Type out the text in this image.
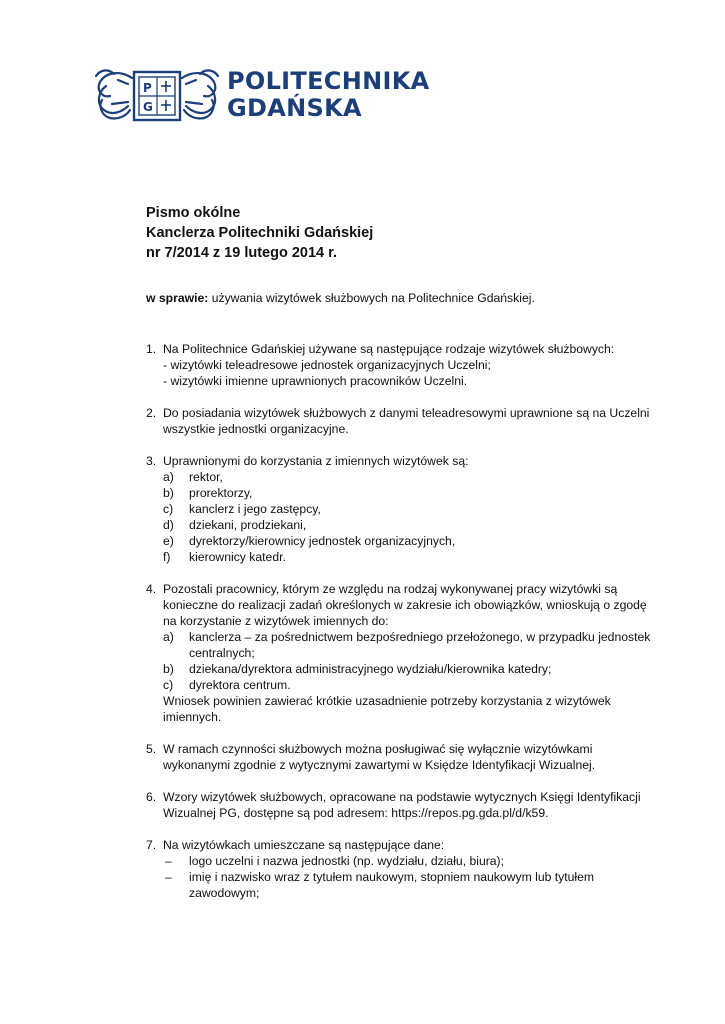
P
G
POLITECHNIKA
GDAŃSKA
Pismo okólne
Kanclerza Politechniki Gdańskiej
nr 7/2014 z 19 lutego 2014 r.
w sprawie: używania wizytówek służbowych na Politechnice Gdańskiej.
1. Na Politechnice Gdańskiej używane są następujące rodzaje wizytówek służbowych:
- wizytówki teleadresowe jednostek organizacyjnych Uczelni;
- wizytówki imienne uprawnionych pracowników Uczelni.
2. Do posiadania wizytówek służbowych z danymi teleadresowymi uprawnione są na Uczelni
wszystkie jednostki organizacyjne.
3. Uprawnionymi do korzystania z imiennych wizytówek są:
a) rektor,
b) prorektorzy,
c) kanclerz i jego zastępcy,
d) dziekani, prodziekani,
e) dyrektorzy/kierownicy jednostek organizacyjnych,
f) kierownicy katedr.
4. Pozostali pracownicy, którym ze względu na rodzaj wykonywanej pracy wizytówki są
konieczne do realizacji zadań określonych w zakresie ich obowiązków, wnioskują o zgodę
na korzystanie z wizytówek imiennych do:
a) kanclerza – za pośrednictwem bezpośredniego przełożonego, w przypadku jednostek
centralnych;
b) dziekana/dyrektora administracyjnego wydziału/kierownika katedry;
c) dyrektora centrum.
Wniosek powinien zawierać krótkie uzasadnienie potrzeby korzystania z wizytówek
imiennych.
5. W ramach czynności służbowych można posługiwać się wyłącznie wizytówkami
wykonanymi zgodnie z wytycznymi zawartymi w Księdze Identyfikacji Wizualnej.
6. Wzory wizytówek służbowych, opracowane na podstawie wytycznych Księgi Identyfikacji
Wizualnej PG, dostępne są pod adresem: https://repos.pg.gda.pl/d/k59.
7. Na wizytówkach umieszczane są następujące dane:
– logo uczelni i nazwa jednostki (np. wydziału, działu, biura);
– imię i nazwisko wraz z tytułem naukowym, stopniem naukowym lub tytułem
zawodowym;
